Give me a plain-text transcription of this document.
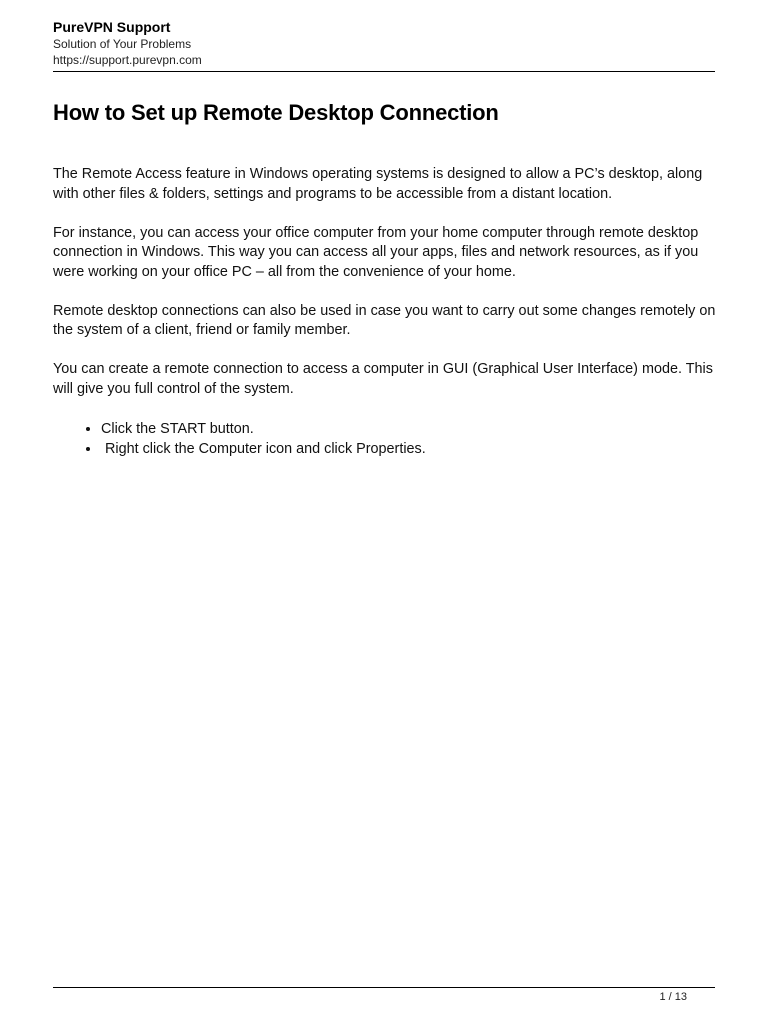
PureVPN Support
Solution of Your Problems
https://support.purevpn.com
How to Set up Remote Desktop Connection

The Remote Access feature in Windows operating systems is designed to allow a PC’s desktop, along with other files & folders, settings and programs to be accessible from a distant location.

For instance, you can access your office computer from your home computer through remote desktop connection in Windows. This way you can access all your apps, files and network resources, as if you were working on your office PC – all from the convenience of your home.

Remote desktop connections can also be used in case you want to carry out some changes remotely on the system of a client, friend or family member.

You can create a remote connection to access a computer in GUI (Graphical User Interface) mode. This will give you full control of the system.

• Click the START button.
•  Right click the Computer icon and click Properties.
1 / 13
